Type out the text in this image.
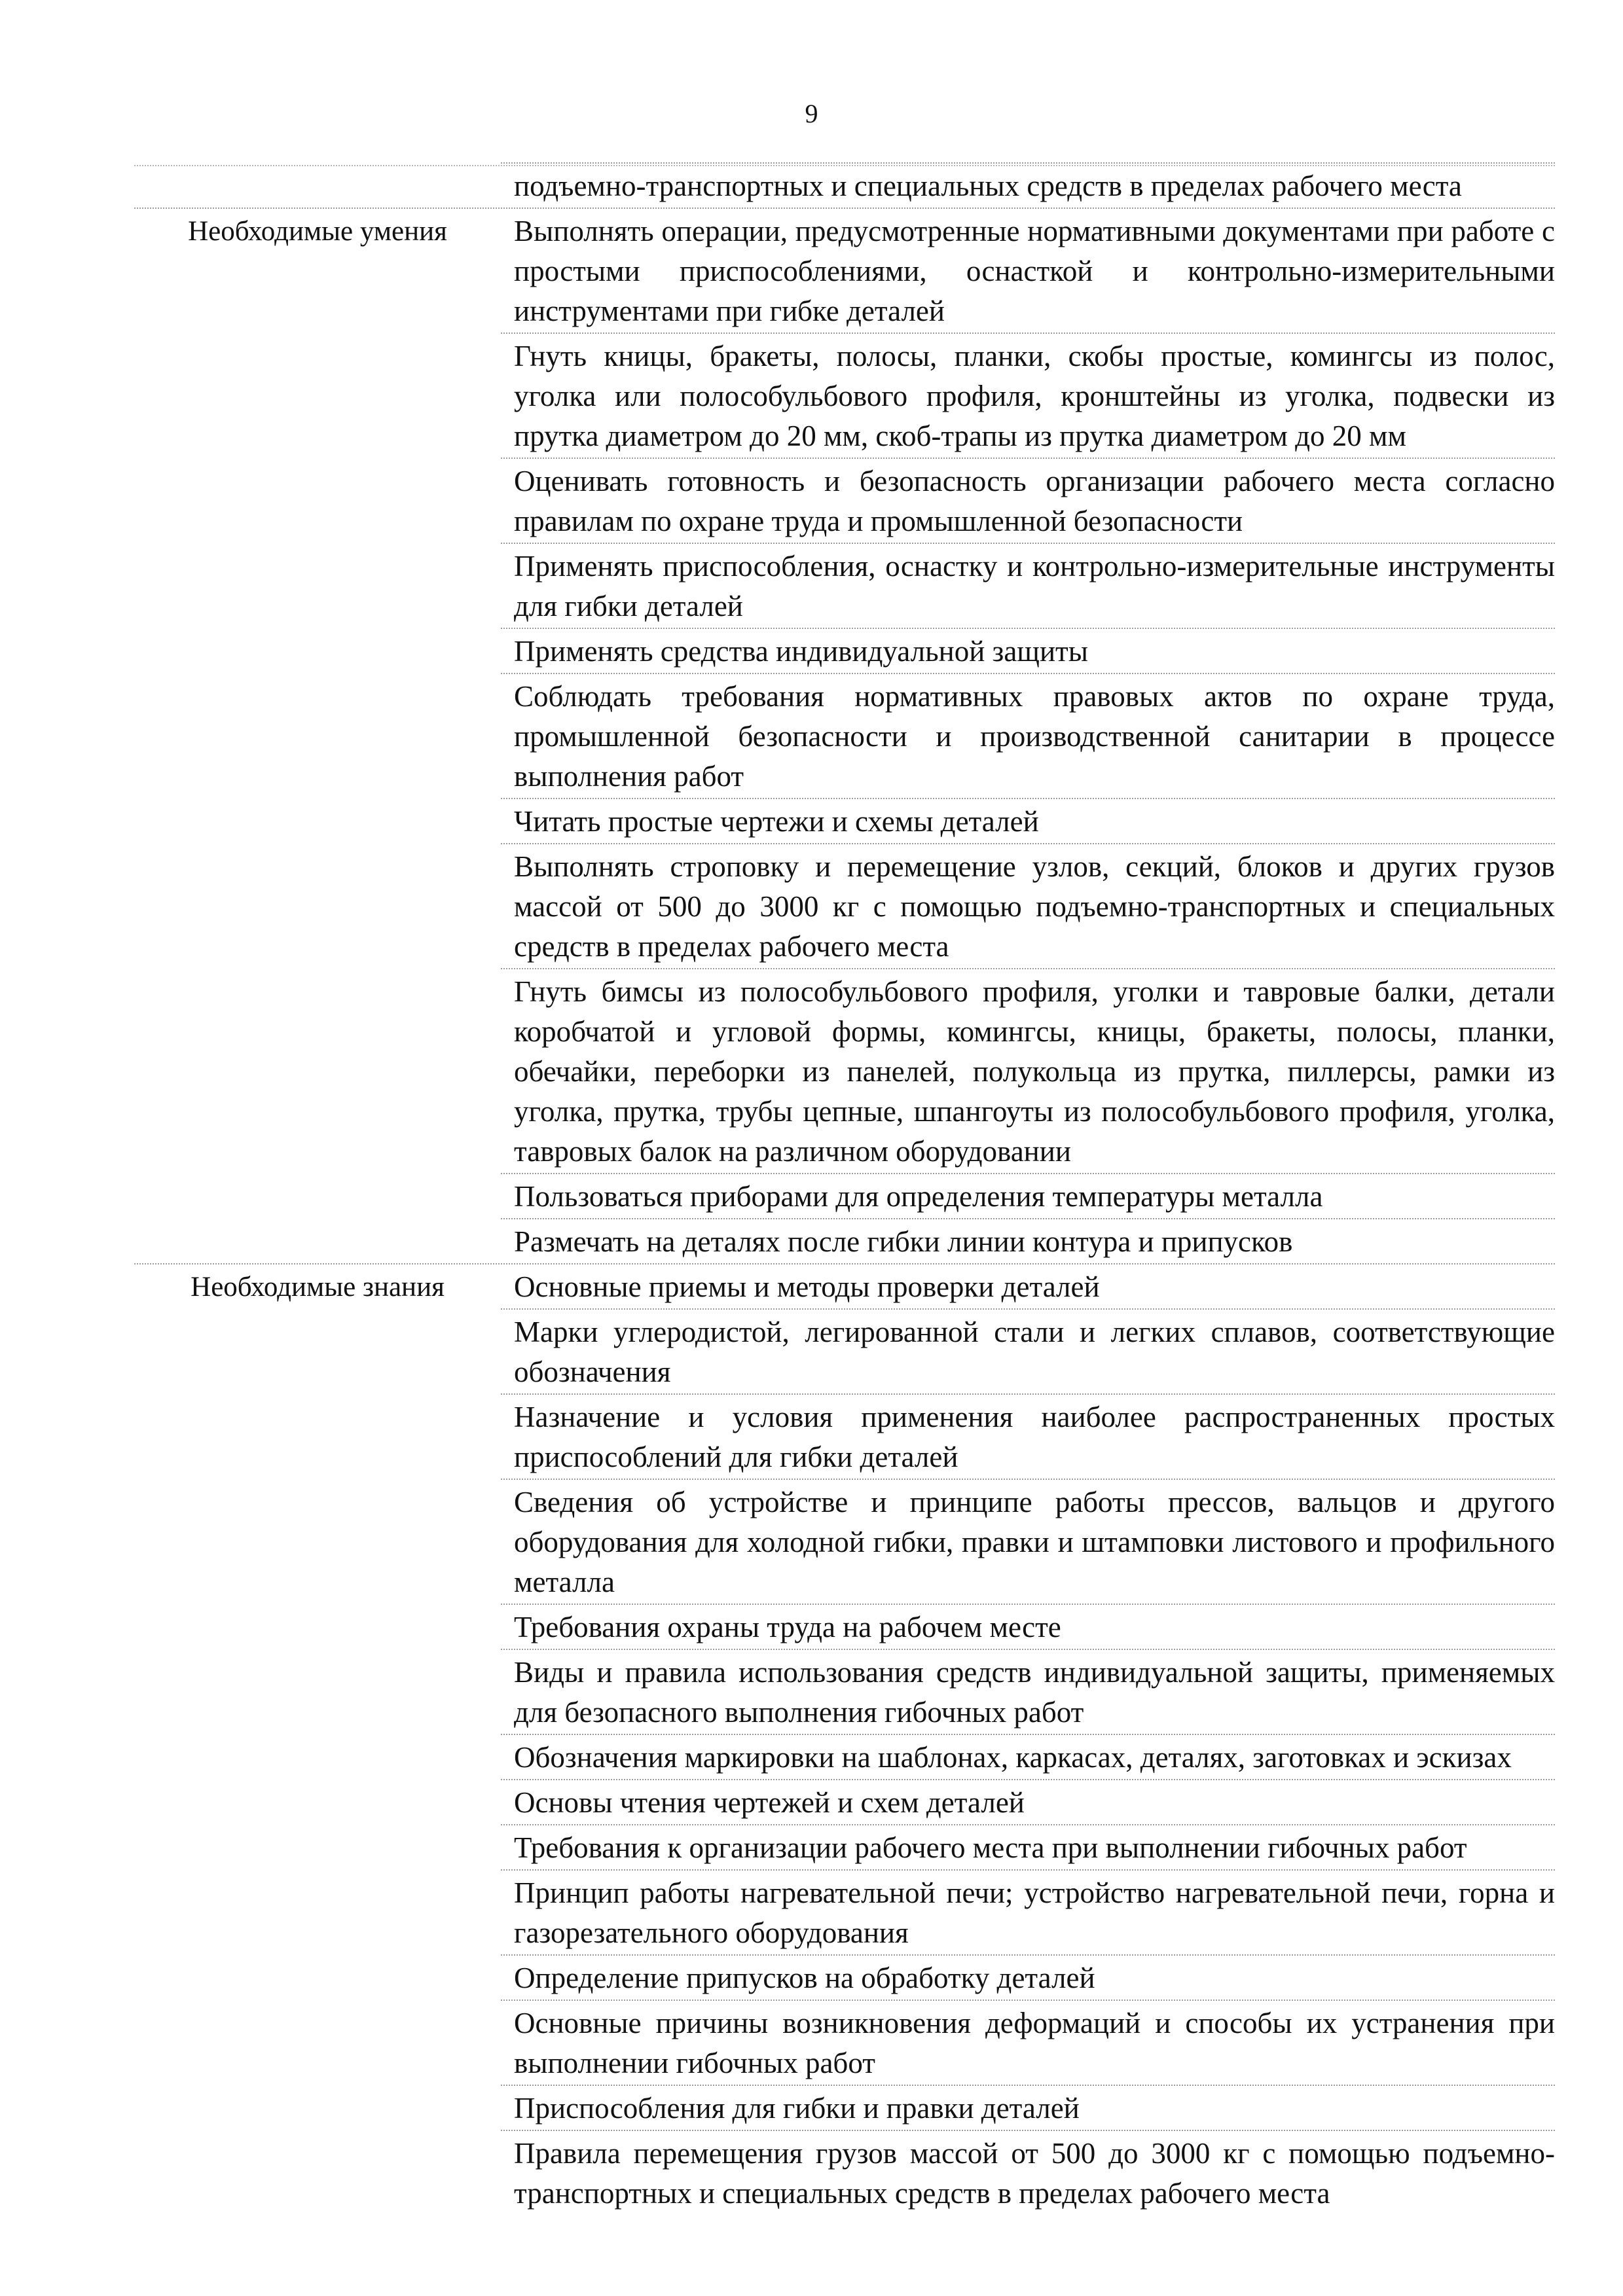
9
подъемно-транспортных и специальных средств в пределах рабочего места
Необходимые умения	Выполнять операции, предусмотренные нормативными документами при работе с простыми приспособлениями, оснасткой и контрольно-измерительными инструментами при гибке деталей
Гнуть кницы, бракеты, полосы, планки, скобы простые, комингсы из полос, уголка или полособульбового профиля, кронштейны из уголка, подвески из прутка диаметром до 20 мм, скоб-трапы из прутка диаметром до 20 мм
Оценивать готовность и безопасность организации рабочего места согласно правилам по охране труда и промышленной безопасности
Применять приспособления, оснастку и контрольно-измерительные инструменты для гибки деталей
Применять средства индивидуальной защиты
Соблюдать требования нормативных правовых актов по охране труда, промышленной безопасности и производственной санитарии в процессе выполнения работ
Читать простые чертежи и схемы деталей
Выполнять строповку и перемещение узлов, секций, блоков и других грузов массой от 500 до 3000 кг с помощью подъемно-транспортных и специальных средств в пределах рабочего места
Гнуть бимсы из полособульбового профиля, уголки и тавровые балки, детали коробчатой и угловой формы, комингсы, кницы, бракеты, полосы, планки, обечайки, переборки из панелей, полукольца из прутка, пиллерсы, рамки из уголка, прутка, трубы цепные, шпангоуты из полособульбового профиля, уголка, тавровых балок на различном оборудовании
Пользоваться приборами для определения температуры металла
Размечать на деталях после гибки линии контура и припусков
Необходимые знания	Основные приемы и методы проверки деталей
Марки углеродистой, легированной стали и легких сплавов, соответствующие обозначения
Назначение и условия применения наиболее распространенных простых приспособлений для гибки деталей
Сведения об устройстве и принципе работы прессов, вальцов и другого оборудования для холодной гибки, правки и штамповки листового и профильного металла
Требования охраны труда на рабочем месте
Виды и правила использования средств индивидуальной защиты, применяемых для безопасного выполнения гибочных работ
Обозначения маркировки на шаблонах, каркасах, деталях, заготовках и эскизах
Основы чтения чертежей и схем деталей
Требования к организации рабочего места при выполнении гибочных работ
Принцип работы нагревательной печи; устройство нагревательной печи, горна и газорезательного оборудования
Определение припусков на обработку деталей
Основные причины возникновения деформаций и способы их устранения при выполнении гибочных работ
Приспособления для гибки и правки деталей
Правила перемещения грузов массой от 500 до 3000 кг с помощью подъемно-транспортных и специальных средств в пределах рабочего места
